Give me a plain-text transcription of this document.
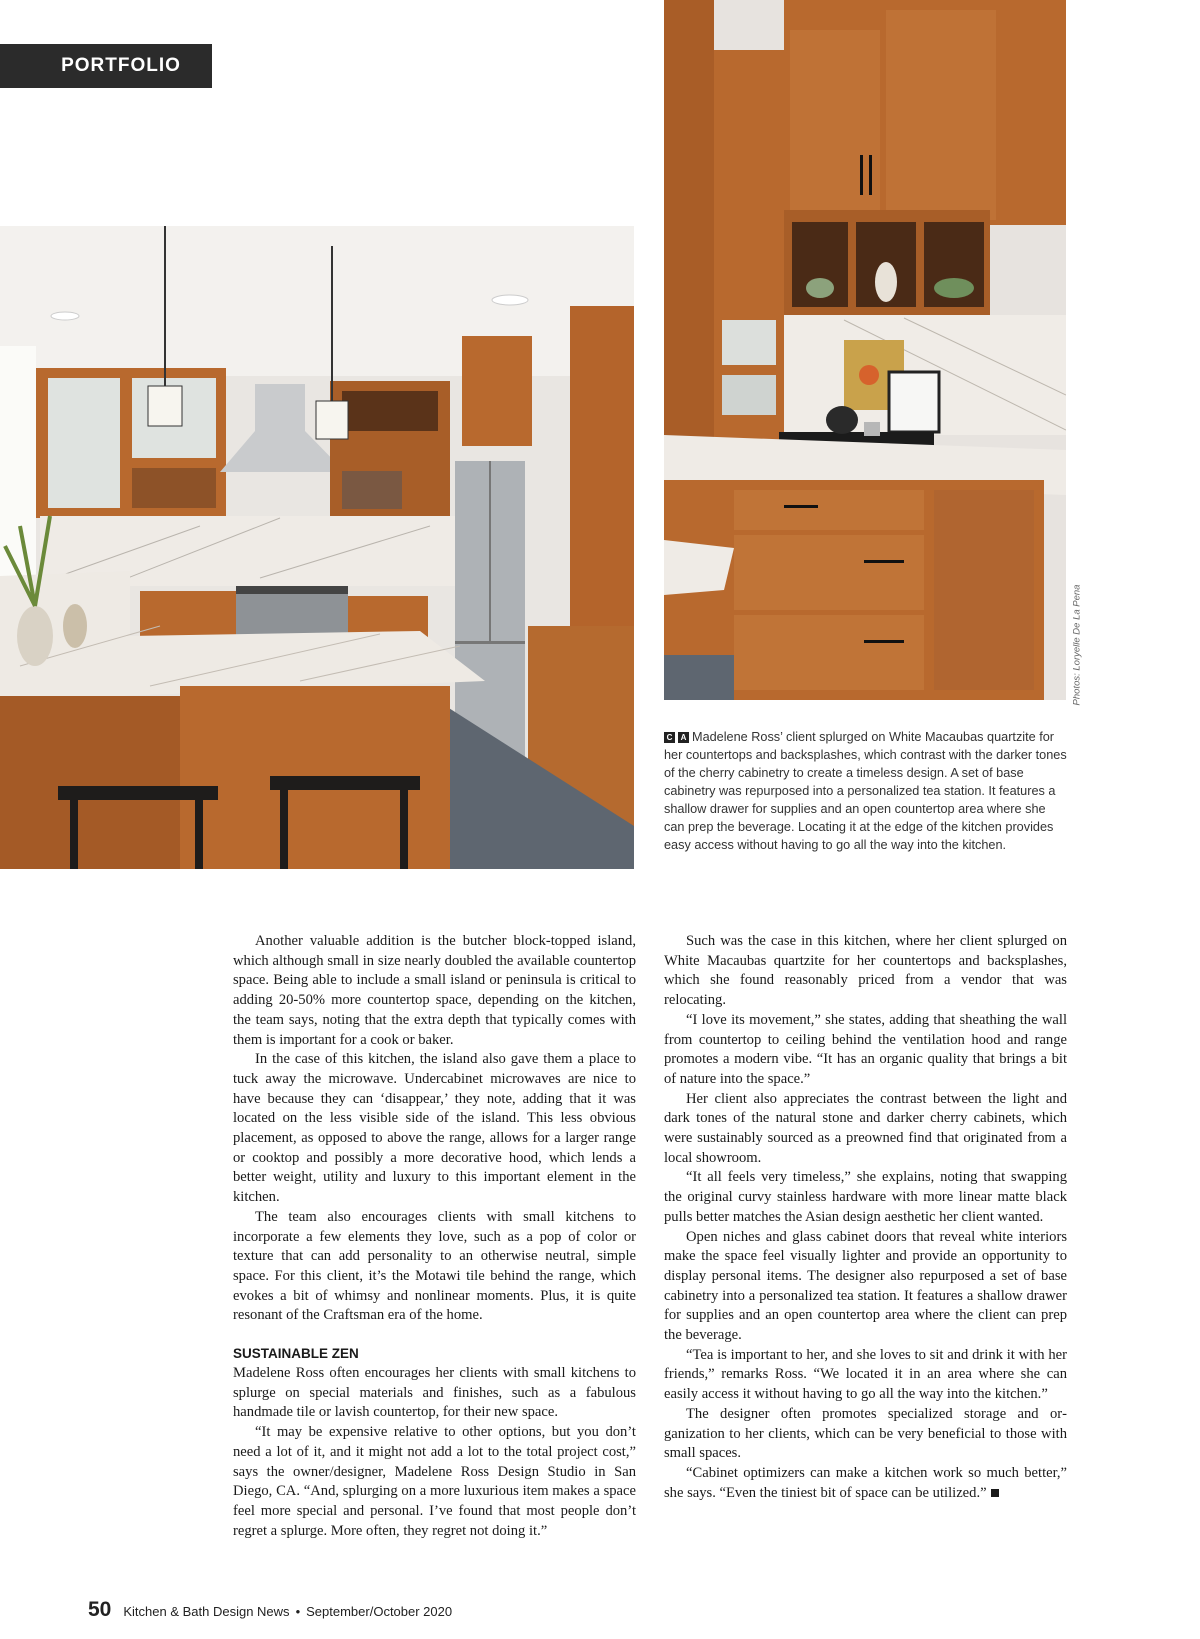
PORTFOLIO
Photos: Loryelle De La Pena
C A Madelene Ross’ client splurged on White Macaubas quartzite for her countertops and backsplashes, which contrast with the darker tones of the cherry cabinetry to create a timeless design. A set of base cabinetry was repurposed into a personalized tea station. It features a shallow drawer for supplies and an open countertop area where she can prep the beverage. Locating it at the edge of the kitchen provides easy access without having to go all the way into the kitchen.

Another valuable addition is the butcher block-topped island, which although small in size nearly doubled the available countertop space. Being able to include a small island or peninsula is critical to adding 20-50% more countertop space, depending on the kitchen, the team says, noting that the extra depth that typically comes with them is important for a cook or baker.

In the case of this kitchen, the island also gave them a place to tuck away the microwave. Undercabinet microwaves are nice to have because they can ‘disappear,’ they note, adding that it was located on the less visible side of the island. This less obvious placement, as opposed to above the range, allows for a larger range or cooktop and possibly a more decorative hood, which lends a better weight, utility and luxury to this important element in the kitchen.

The team also encourages clients with small kitchens to incorporate a few elements they love, such as a pop of color or texture that can add personality to an otherwise neutral, simple space. For this client, it’s the Motawi tile behind the range, which evokes a bit of whimsy and nonlinear moments. Plus, it is quite resonant of the Craftsman era of the home.

SUSTAINABLE ZEN

Madelene Ross often encourages her clients with small kitchens to splurge on special materials and finishes, such as a fabulous handmade tile or lavish countertop, for their new space.

“It may be expensive relative to other options, but you don’t need a lot of it, and it might not add a lot to the total project cost,” says the owner/designer, Madelene Ross Design Studio in San Diego, CA. “And, splurging on a more luxurious item makes a space feel more special and personal. I’ve found that most people don’t regret a splurge. More often, they regret not doing it.”

Such was the case in this kitchen, where her client splurged on White Macaubas quartzite for her countertops and backsplashes, which she found reasonably priced from a vendor that was relocating.

“I love its movement,” she states, adding that sheathing the wall from countertop to ceiling behind the ventilation hood and range promotes a modern vibe. “It has an organic quality that brings a bit of nature into the space.”

Her client also appreciates the contrast between the light and dark tones of the natural stone and darker cherry cabinets, which were sustainably sourced as a preowned find that originated from a local showroom.

“It all feels very timeless,” she explains, noting that swapping the original curvy stainless hardware with more linear matte black pulls better matches the Asian design aesthetic her client wanted.

Open niches and glass cabinet doors that reveal white interiors make the space feel visually lighter and provide an opportunity to display personal items. The designer also repurposed a set of base cabinetry into a personalized tea station. It features a shallow drawer for supplies and an open countertop area where the client can prep the beverage.

“Tea is important to her, and she loves to sit and drink it with her friends,” remarks Ross. “We located it in an area where she can easily access it without having to go all the way into the kitchen.”

The designer often promotes specialized storage and organization to her clients, which can be very beneficial to those with small spaces.

“Cabinet optimizers can make a kitchen work so much better,” she says. “Even the tiniest bit of space can be utilized.”

50 Kitchen & Bath Design News • September/October 2020
